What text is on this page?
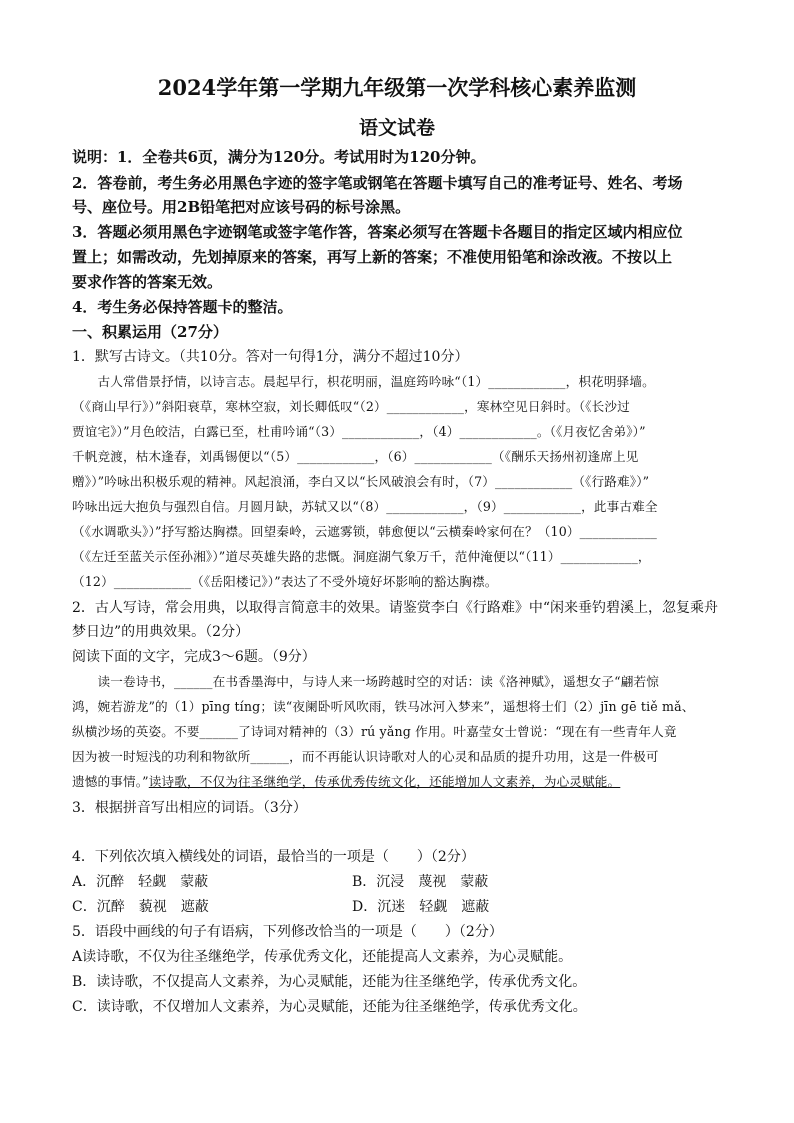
2024学年第一学期九年级第一次学科核心素养监测
语文试卷
说明：1．全卷共6页，满分为120分。考试用时为120分钟。
2．答卷前，考生务必用黑色字迹的签字笔或钢笔在答题卡填写自己的准考证号、姓名、考场
号、座位号。用2B铅笔把对应该号码的标号涂黑。
3．答题必须用黑色字迹钢笔或签字笔作答，答案必须写在答题卡各题目的指定区域内相应位
置上；如需改动，先划掉原来的答案，再写上新的答案；不准使用铅笔和涂改液。不按以上
要求作答的答案无效。
4．考生务必保持答题卡的整洁。
一、积累运用（27分）
1．默写古诗文。（共10分。答对一句得1分，满分不超过10分）
　　古人常借景抒情，以诗言志。晨起早行，枳花明丽，温庭筠吟咏“（1）____________，枳花明驿墙。
（《商山早行》）”斜阳衰草，寒林空寂，刘长卿低叹“（2）____________，寒林空见日斜时。（《长沙过
贾谊宅》）”月色皎洁，白露已至，杜甫吟诵“（3）____________，（4）____________。（《月夜忆舍弟》）”
千帆竞渡，枯木逢春，刘禹锡便以“（5）____________，（6）____________（《酬乐天扬州初逢席上见
赠》）”吟咏出积极乐观的精神。风起浪涌，李白又以“长风破浪会有时，（7）____________（《行路难》）”
吟咏出远大抱负与强烈自信。月圆月缺，苏轼又以“（8）____________，（9）____________，此事古难全
（《水调歌头》）”抒写豁达胸襟。回望秦岭，云遮雾锁，韩愈便以“云横秦岭家何在？（10）____________
（《左迁至蓝关示侄孙湘》）”道尽英雄失路的悲慨。洞庭湖气象万千，范仲淹便以“（11）____________，
（12）____________（《岳阳楼记》）”表达了不受外境好坏影响的豁达胸襟。
2．古人写诗，常会用典，以取得言简意丰的效果。请鉴赏李白《行路难》中“闲来垂钓碧溪上，忽复乘舟
梦日边”的用典效果。（2分）
阅读下面的文字，完成3～6题。（9分）
　　读一卷诗书，______在书香墨海中，与诗人来一场跨越时空的对话：读《洛神赋》，遥想女子“翩若惊
鸿，婉若游龙”的（1）pīng tíng；读“夜阑卧听风吹雨，铁马冰河入梦来”，遥想将士们（2）jīn gē tiě mǎ、
纵横沙场的英姿。不要______了诗词对精神的（3）rú yǎng 作用。叶嘉莹女士曾说：“现在有一些青年人竟
因为被一时短浅的功利和物欲所______，而不再能认识诗歌对人的心灵和品质的提升功用，这是一件极可
遗憾的事情。”读诗歌，不仅为往圣继绝学，传承优秀传统文化，还能增加人文素养，为心灵赋能。
3．根据拼音写出相应的词语。（3分）
4．下列依次填入横线处的词语，最恰当的一项是（　　）（2分）
A．沉醉　轻觑　蒙蔽	B．沉浸　蔑视　蒙蔽
C．沉醉　藐视　遮蔽	D．沉迷　轻觑　遮蔽
5．语段中画线的句子有语病，下列修改恰当的一项是（　　）（2分）
A读诗歌，不仅为往圣继绝学，传承优秀文化，还能提高人文素养，为心灵赋能。
B．读诗歌，不仅提高人文素养，为心灵赋能，还能为往圣继绝学，传承优秀文化。
C．读诗歌，不仅增加人文素养，为心灵赋能，还能为往圣继绝学，传承优秀文化。
